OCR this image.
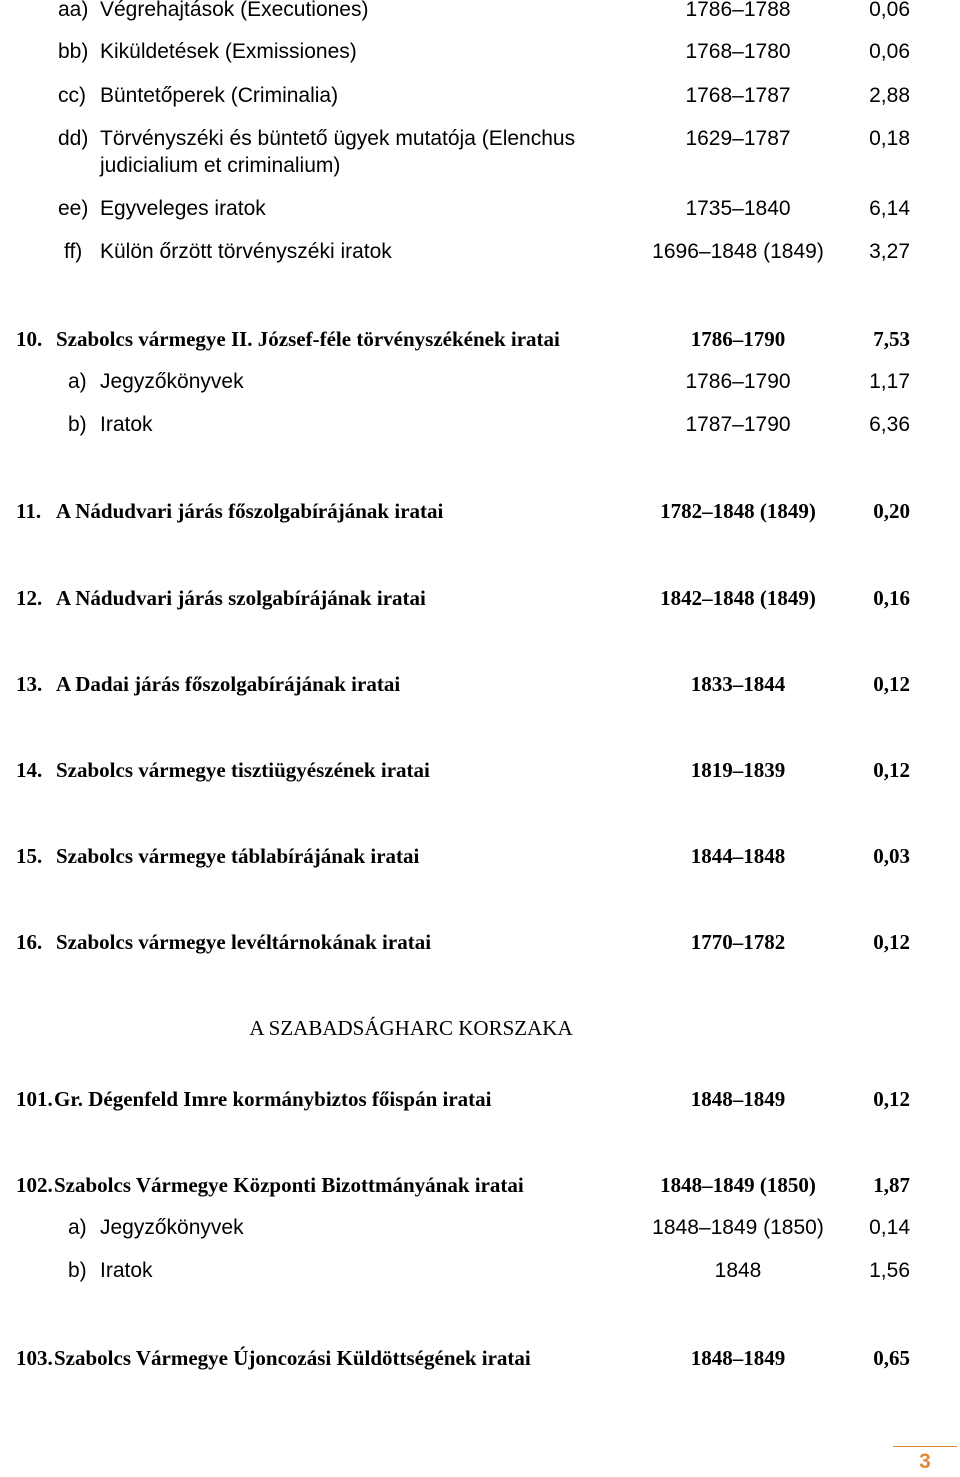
aa) Végrehajtások (Executiones)	1786–1788	0,06
bb) Kiküldetések (Exmissiones)	1768–1780	0,06
cc) Büntetőperek (Criminalia)	1768–1787	2,88
dd) Törvényszéki és büntető ügyek mutatója (Elenchus	1629–1787	0,18
judicialium et criminalium)
ee) Egyveleges iratok	1735–1840	6,14
ff) Külön őrzött törvényszéki iratok	1696–1848 (1849)	3,27
10. Szabolcs vármegye II. József-féle törvényszékének iratai	1786–1790	7,53
a) Jegyzőkönyvek	1786–1790	1,17
b) Iratok	1787–1790	6,36
11. A Nádudvari járás főszolgabírájának iratai	1782–1848 (1849)	0,20
12. A Nádudvari járás szolgabírájának iratai	1842–1848 (1849)	0,16
13. A Dadai járás főszolgabírájának iratai	1833–1844	0,12
14. Szabolcs vármegye tisztiügyészének iratai	1819–1839	0,12
15. Szabolcs vármegye táblabírájának iratai	1844–1848	0,03
16. Szabolcs vármegye levéltárnokának iratai	1770–1782	0,12
A SZABADSÁGHARC KORSZAKA
101. Gr. Dégenfeld Imre kormánybiztos főispán iratai	1848–1849	0,12
102. Szabolcs Vármegye Központi Bizottmányának iratai	1848–1849 (1850)	1,87
a) Jegyzőkönyvek	1848–1849 (1850)	0,14
b) Iratok	1848	1,56
103. Szabolcs Vármegye Újoncozási Küldöttségének iratai	1848–1849	0,65
3
